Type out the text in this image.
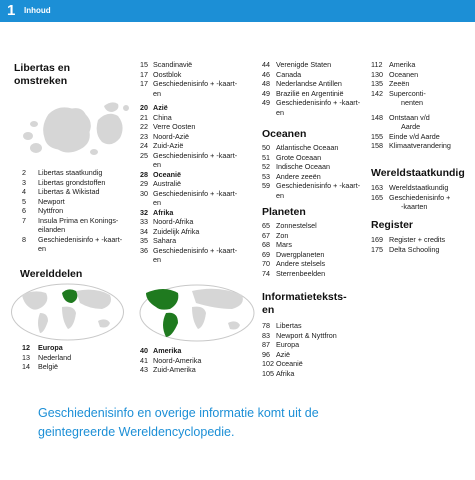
1 Inhoud
Libertas en
omstreken
2	Libertas staatkundig
3	Libertas grondstoffen
4	Libertas & Wikistad
5	Newport
6	Nyttfron
7	Insula Prima en Konings-
eilanden
8	Geschiedenisinfo + -kaart-
en
Werelddelen
12	Europa
13	Nederland
14	België
15 Scandinavië
17 Oostblok
17 Geschiedenisinfo + -kaart-
en
20 Azië
21 China
22 Verre Oosten
23 Noord-Azië
24 Zuid-Azië
25 Geschiedenisinfo + -kaart-
en
28 Oceanië
29 Australië
30 Geschiedenisinfo + -kaart-
en
32 Afrika
33 Noord-Afrika
34 Zuidelijk Afrika
35 Sahara
36 Geschiedenisinfo + -kaart-
en
40 Amerika
41 Noord-Amerika
43 Zuid-Amerika
44 Verenigde Staten
46 Canada
48 Nederlandse Antillen
49 Brazilië en Argentinië
49 Geschiedenisinfo + -kaart-
en
Oceanen
50 Atlantische Oceaan
51 Grote Oceaan
52 Indische Oceaan
53 Andere zeeën
59 Geschiedenisinfo + -kaart-
en
Planeten
65 Zonnestelsel
67 Zon
68 Mars
69 Dwergplaneten
70 Andere stelsels
74 Sterrenbeelden
Informatieteksts-
en
78 Libertas
83 Newport & Nyttfron
87 Europa
96 Azië
102 Oceanië
105 Afrika
112 Amerika
130 Oceanen
135 Zeeën
142 Superconti-
nenten
148 Ontstaan v/d
Aarde
155 Einde v/d Aarde
158 Klimaatverandering
Wereldstaatkundig
163 Wereldstaatkundig
165 Geschiedenisinfo +
-kaarten
Register
169 Register + credits
175 Delta Schooling
Geschiedenisinfo en overige informatie komt uit de
geintegreerde Wereldencyclopedie.
